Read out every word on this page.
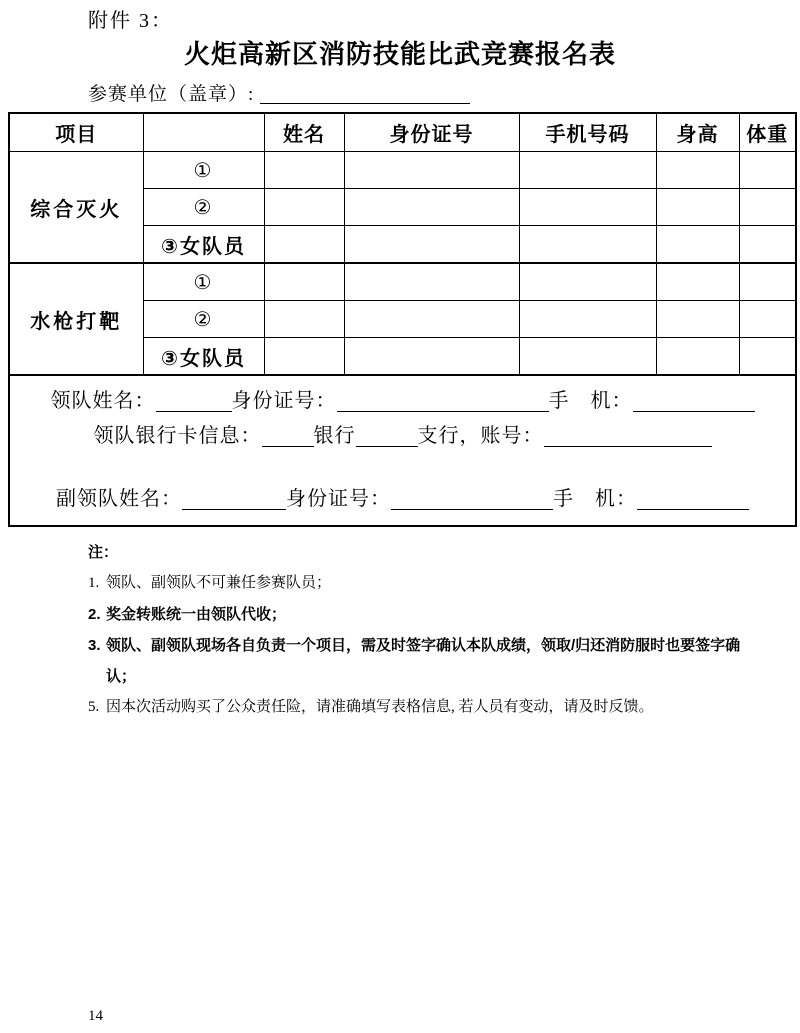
附件 3：
火炬高新区消防技能比武竞赛报名表
参赛单位（盖章）:
项目		姓名	身份证号	手机号码	身高	体重
综合灭火	①					
	②					
	③女队员					
水枪打靶	①					
	②					
	③女队员					

领队姓名： 身份证号： 手　机：
领队银行卡信息： 银行 支行，账号：
副领队姓名： 身份证号： 手　机：						
注：
1. 领队、副领队不可兼任参赛队员；
2. 奖金转账统一由领队代收；
3. 领队、副领队现场各自负责一个项目，需及时签字确认本队成绩，领取/归还消防服时也要签字确认；
5. 因本次活动购买了公众责任险，请准确填写表格信息, 若人员有变动，请及时反馈。
14
